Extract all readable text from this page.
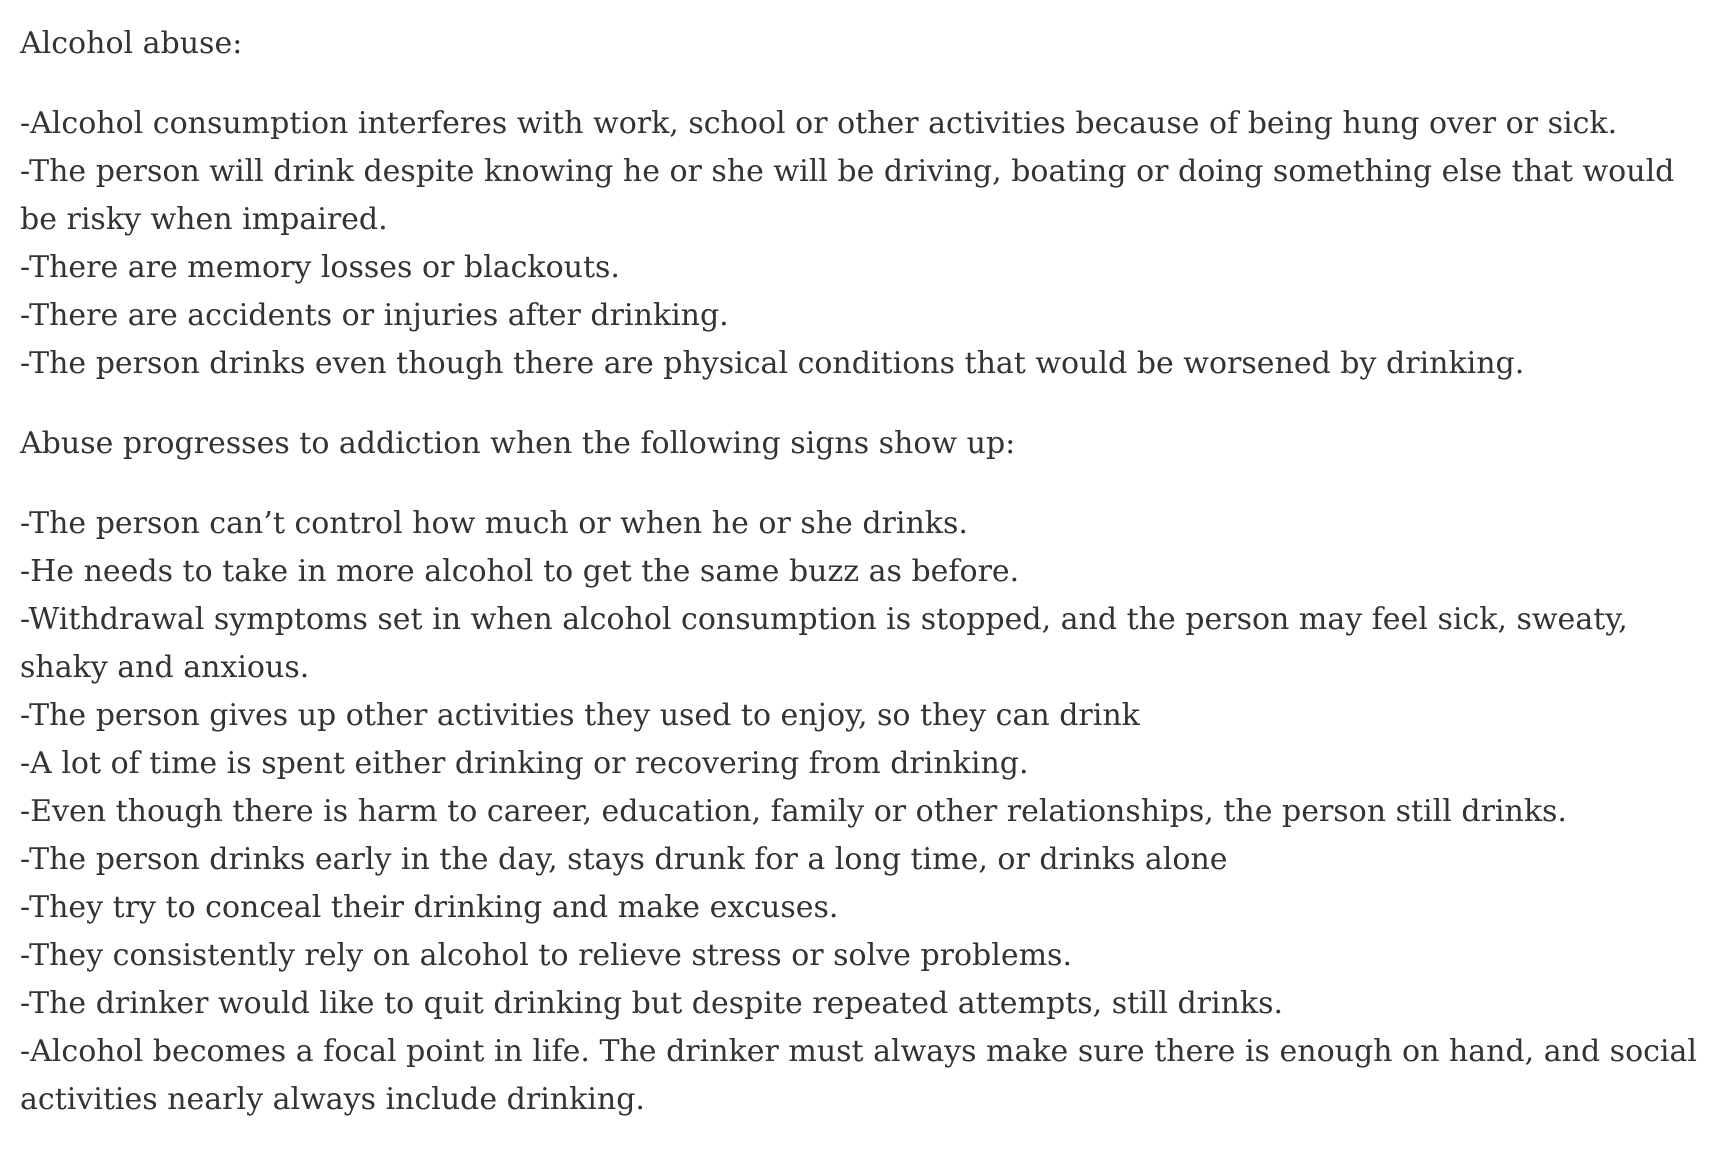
Alcohol abuse:

-Alcohol consumption interferes with work, school or other activities because of being hung over or sick.
-The person will drink despite knowing he or she will be driving, boating or doing something else that would be risky when impaired.
-There are memory losses or blackouts.
-There are accidents or injuries after drinking.
-The person drinks even though there are physical conditions that would be worsened by drinking.

Abuse progresses to addiction when the following signs show up:

-The person can’t control how much or when he or she drinks.
-He needs to take in more alcohol to get the same buzz as before.
-Withdrawal symptoms set in when alcohol consumption is stopped, and the person may feel sick, sweaty, shaky and anxious.
-The person gives up other activities they used to enjoy, so they can drink
-A lot of time is spent either drinking or recovering from drinking.
-Even though there is harm to career, education, family or other relationships, the person still drinks.
-The person drinks early in the day, stays drunk for a long time, or drinks alone
-They try to conceal their drinking and make excuses.
-They consistently rely on alcohol to relieve stress or solve problems.
-The drinker would like to quit drinking but despite repeated attempts, still drinks.
-Alcohol becomes a focal point in life. The drinker must always make sure there is enough on hand, and social activities nearly always include drinking.
